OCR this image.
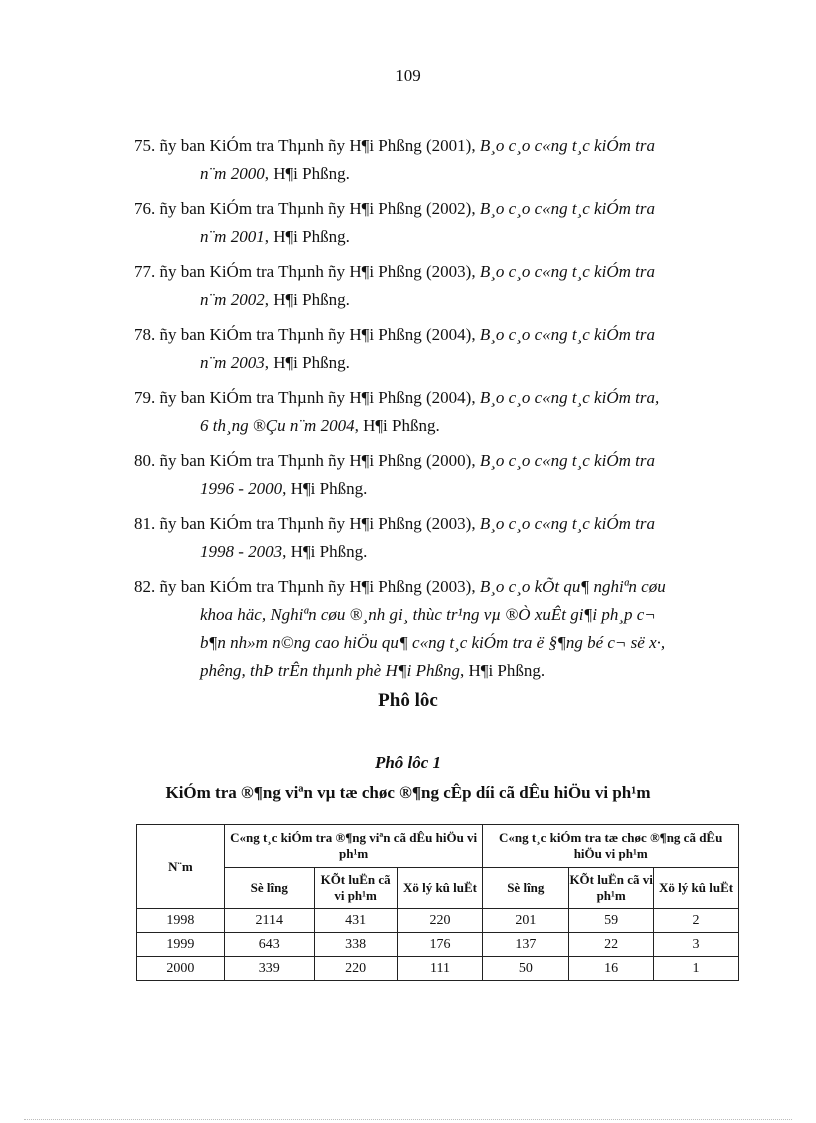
109
75. ñy ban KiÓm tra Thµnh ñy H¶i Phßng (2001), B¸o c¸o c«ng t¸c kiÓm tra
n¨m 2000, H¶i Phßng.
76. ñy ban KiÓm tra Thµnh ñy H¶i Phßng (2002), B¸o c¸o c«ng t¸c kiÓm tra
n¨m 2001, H¶i Phßng.
77. ñy ban KiÓm tra Thµnh ñy H¶i Phßng (2003), B¸o c¸o c«ng t¸c kiÓm tra
n¨m 2002, H¶i Phßng.
78. ñy ban KiÓm tra Thµnh ñy H¶i Phßng (2004), B¸o c¸o c«ng t¸c kiÓm tra
n¨m 2003, H¶i Phßng.
79. ñy ban KiÓm tra Thµnh ñy H¶i Phßng (2004), B¸o c¸o c«ng t¸c kiÓm tra,
6 th¸ng ®Çu n¨m 2004, H¶i Phßng.
80. ñy ban KiÓm tra Thµnh ñy H¶i Phßng (2000), B¸o c¸o c«ng t¸c kiÓm tra
1996 - 2000, H¶i Phßng.
81. ñy ban KiÓm tra Thµnh ñy H¶i Phßng (2003), B¸o c¸o c«ng t¸c kiÓm tra
1998 - 2003, H¶i Phßng.
82. ñy ban KiÓm tra Thµnh ñy H¶i Phßng (2003), B¸o c¸o kÕt qu¶ nghiªn cøu
khoa häc, Nghiªn cøu ®¸nh gi¸ thùc tr¹ng vµ ®Ò xuÊt gi¶i ph¸p c¬
b¶n nh»m n©ng cao hiÖu qu¶ c«ng t¸c kiÓm tra ë §¶ng bé c¬ së x·,
phêng, thÞ trÊn thµnh phè H¶i Phßng, H¶i Phßng.
Phô lôc
Phô lôc 1
KiÓm tra ®¶ng viªn vµ tæ chøc ®¶ng cÊp díi cã dÊu hiÖu vi ph¹m
N¨m	C«ng t¸c kiÓm tra ®¶ng viªn cã dÊu hiÖu vi ph¹m			C«ng t¸c kiÓm tra tæ chøc ®¶ng cã dÊu hiÖu vi ph¹m		
	Sè lîng	KÕt luËn cã vi ph¹m	Xö lý kû luËt	Sè lîng	KÕt luËn cã vi ph¹m	Xö lý kû luËt
1998	2114	431	220	201	59	2
1999	643	338	176	137	22	3
2000	339	220	111	50	16	1
